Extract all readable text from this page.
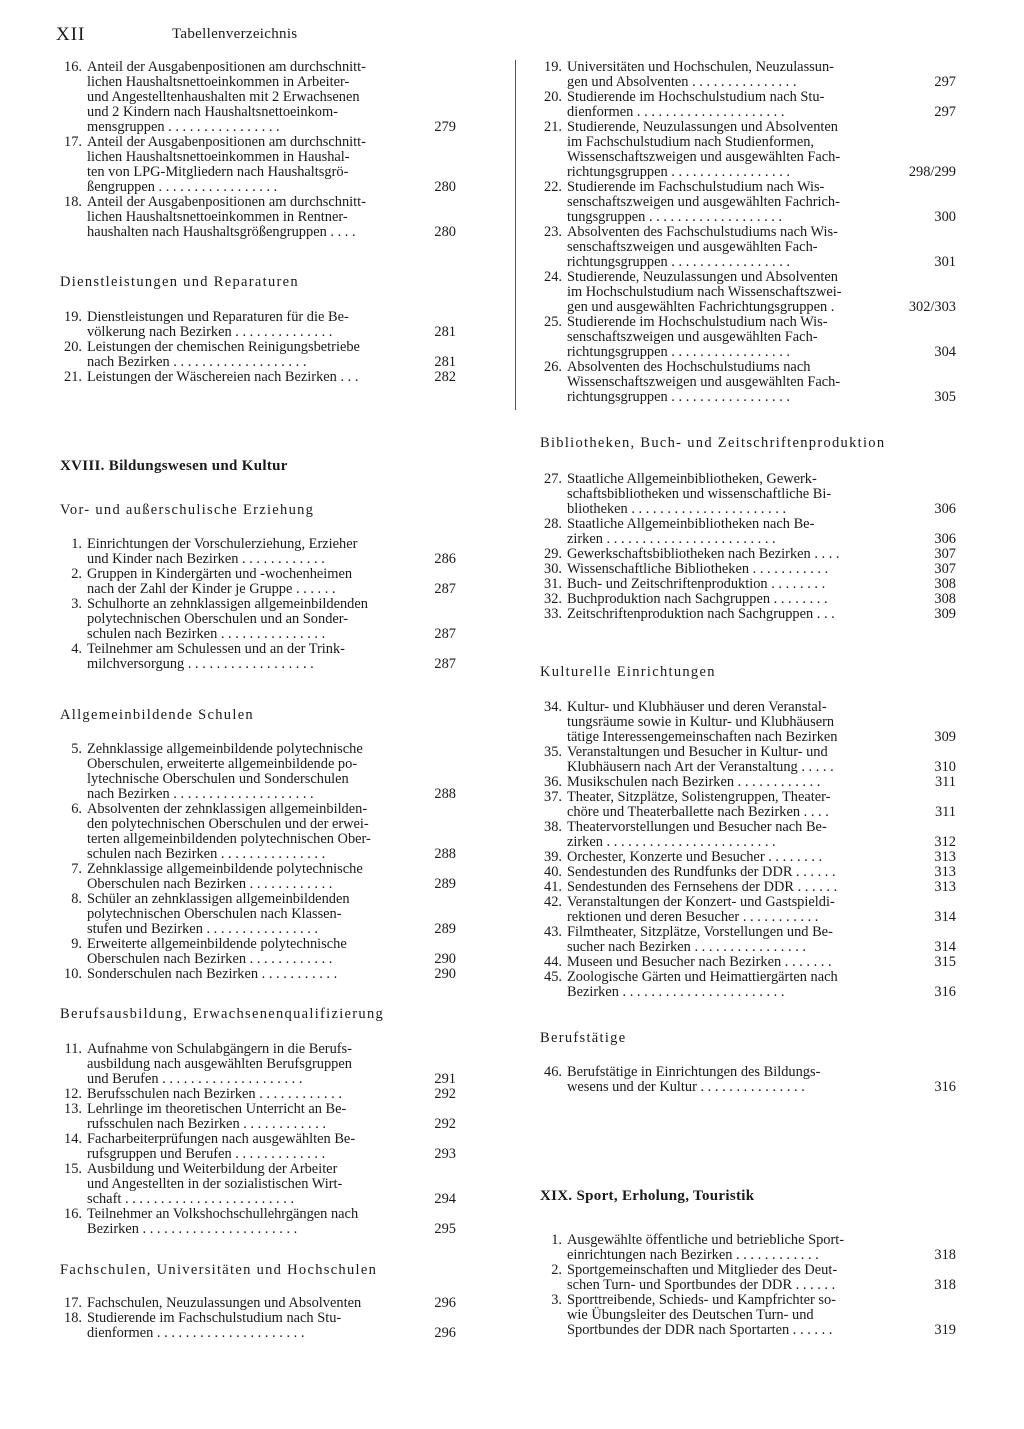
XII	Tabellenverzeichnis
Dienstleistungen und Reparaturen
XVIII. Bildungswesen und Kultur
Vor- und außerschulische Erziehung
Allgemeinbildende Schulen
Berufsausbildung, Erwachsenenqualifizierung
Fachschulen, Universitäten und Hochschulen
16. Anteil der Ausgabenpositionen am durchschnitt-
lichen Haushaltsnettoeinkommen in Arbeiter-
und Angestelltenhaushalten mit 2 Erwachsenen
und 2 Kindern nach Haushaltsnettoeinkom-
mensgruppen . . . . . . . . . . . . . . . .	279
17. Anteil der Ausgabenpositionen am durchschnitt-
lichen Haushaltsnettoeinkommen in Haushal-
ten von LPG-Mitgliedern nach Haushaltsgrö-
ßengruppen . . . . . . . . . . . . . . . . .	280
18. Anteil der Ausgabenpositionen am durchschnitt-
lichen Haushaltsnettoeinkommen in Rentner-
haushalten nach Haushaltsgrößengruppen . . . .	280
19. Dienstleistungen und Reparaturen für die Be-
völkerung nach Bezirken . . . . . . . . . . . . . .	281
20. Leistungen der chemischen Reinigungsbetriebe
nach Bezirken . . . . . . . . . . . . . . . . . . .	281
21. Leistungen der Wäschereien nach Bezirken . . .	282
1. Einrichtungen der Vorschulerziehung, Erzieher
und Kinder nach Bezirken . . . . . . . . . . . .	286
2. Gruppen in Kindergärten und -wochenheimen
nach der Zahl der Kinder je Gruppe . . . . . .	287
3. Schulhorte an zehnklassigen allgemeinbildenden
polytechnischen Oberschulen und an Sonder-
schulen nach Bezirken . . . . . . . . . . . . . . .	287
4. Teilnehmer am Schulessen und an der Trink-
milchversorgung . . . . . . . . . . . . . . . . . .	287
5. Zehnklassige allgemeinbildende polytechnische
Oberschulen, erweiterte allgemeinbildende po-
lytechnische Oberschulen und Sonderschulen
nach Bezirken . . . . . . . . . . . . . . . . . . . .	288
6. Absolventen der zehnklassigen allgemeinbilden-
den polytechnischen Oberschulen und der erwei-
terten allgemeinbildenden polytechnischen Ober-
schulen nach Bezirken . . . . . . . . . . . . . . .	288
7. Zehnklassige allgemeinbildende polytechnische
Oberschulen nach Bezirken . . . . . . . . . . . .	289
8. Schüler an zehnklassigen allgemeinbildenden
polytechnischen Oberschulen nach Klassen-
stufen und Bezirken . . . . . . . . . . . . . . . .	289
9. Erweiterte allgemeinbildende polytechnische
Oberschulen nach Bezirken . . . . . . . . . . . .	290
10. Sonderschulen nach Bezirken . . . . . . . . . . .	290
11. Aufnahme von Schulabgängern in die Berufs-
ausbildung nach ausgewählten Berufsgruppen
und Berufen . . . . . . . . . . . . . . . . . . . .	291
12. Berufsschulen nach Bezirken . . . . . . . . . . . .	292
13. Lehrlinge im theoretischen Unterricht an Be-
rufsschulen nach Bezirken . . . . . . . . . . . .	292
14. Facharbeiterprüfungen nach ausgewählten Be-
rufsgruppen und Berufen . . . . . . . . . . . . .	293
15. Ausbildung und Weiterbildung der Arbeiter
und Angestellten in der sozialistischen Wirt-
schaft . . . . . . . . . . . . . . . . . . . . . . . .	294
16. Teilnehmer an Volkshochschullehrgängen nach
Bezirken . . . . . . . . . . . . . . . . . . . . . .	295
17. Fachschulen, Neuzulassungen und Absolventen	296
18. Studierende im Fachschulstudium nach Stu-
dienformen . . . . . . . . . . . . . . . . . . . . .	296
Bibliotheken, Buch- und Zeitschriftenproduktion
Kulturelle Einrichtungen
Berufstätige
XIX. Sport, Erholung, Touristik
19. Universitäten und Hochschulen, Neuzulassun-
gen und Absolventen . . . . . . . . . . . . . . .	297
20. Studierende im Hochschulstudium nach Stu-
dienformen . . . . . . . . . . . . . . . . . . . . .	297
21. Studierende, Neuzulassungen und Absolventen
im Fachschulstudium nach Studienformen,
Wissenschaftszweigen und ausgewählten Fach-
richtungsgruppen . . . . . . . . . . . . . . . . .	298/299
22. Studierende im Fachschulstudium nach Wis-
senschaftszweigen und ausgewählten Fachrich-
tungsgruppen . . . . . . . . . . . . . . . . . . .	300
23. Absolventen des Fachschulstudiums nach Wis-
senschaftszweigen und ausgewählten Fach-
richtungsgruppen . . . . . . . . . . . . . . . . .	301
24. Studierende, Neuzulassungen und Absolventen
im Hochschulstudium nach Wissenschaftszwei-
gen und ausgewählten Fachrichtungsgruppen .	302/303
25. Studierende im Hochschulstudium nach Wis-
senschaftszweigen und ausgewählten Fach-
richtungsgruppen . . . . . . . . . . . . . . . . .	304
26. Absolventen des Hochschulstudiums nach
Wissenschaftszweigen und ausgewählten Fach-
richtungsgruppen . . . . . . . . . . . . . . . . .	305
27. Staatliche Allgemeinbibliotheken, Gewerk-
schaftsbibliotheken und wissenschaftliche Bi-
bliotheken . . . . . . . . . . . . . . . . . . . . . .	306
28. Staatliche Allgemeinbibliotheken nach Be-
zirken . . . . . . . . . . . . . . . . . . . . . . . .	306
29. Gewerkschaftsbibliotheken nach Bezirken . . . .	307
30. Wissenschaftliche Bibliotheken . . . . . . . . . . .	307
31. Buch- und Zeitschriftenproduktion . . . . . . . .	308
32. Buchproduktion nach Sachgruppen . . . . . . . .	308
33. Zeitschriftenproduktion nach Sachgruppen . . .	309
34. Kultur- und Klubhäuser und deren Veranstal-
tungsräume sowie in Kultur- und Klubhäusern
tätige Interessengemeinschaften nach Bezirken	309
35. Veranstaltungen und Besucher in Kultur- und
Klubhäusern nach Art der Veranstaltung . . . . .	310
36. Musikschulen nach Bezirken . . . . . . . . . . . .	311
37. Theater, Sitzplätze, Solistengruppen, Theater-
chöre und Theaterballette nach Bezirken . . . .	311
38. Theatervorstellungen und Besucher nach Be-
zirken . . . . . . . . . . . . . . . . . . . . . . . .	312
39. Orchester, Konzerte und Besucher . . . . . . . .	313
40. Sendestunden des Rundfunks der DDR . . . . . .	313
41. Sendestunden des Fernsehens der DDR . . . . . .	313
42. Veranstaltungen der Konzert- und Gastspieldi-
rektionen und deren Besucher . . . . . . . . . . .	314
43. Filmtheater, Sitzplätze, Vorstellungen und Be-
sucher nach Bezirken . . . . . . . . . . . . . . . .	314
44. Museen und Besucher nach Bezirken . . . . . . .	315
45. Zoologische Gärten und Heimattiergärten nach
Bezirken . . . . . . . . . . . . . . . . . . . . . . .	316
46. Berufstätige in Einrichtungen des Bildungs-
wesens und der Kultur . . . . . . . . . . . . . . .	316
1. Ausgewählte öffentliche und betriebliche Sport-
einrichtungen nach Bezirken . . . . . . . . . . . .	318
2. Sportgemeinschaften und Mitglieder des Deut-
schen Turn- und Sportbundes der DDR . . . . . .	318
3. Sporttreibende, Schieds- und Kampfrichter so-
wie Übungsleiter des Deutschen Turn- und
Sportbundes der DDR nach Sportarten . . . . . .	319
